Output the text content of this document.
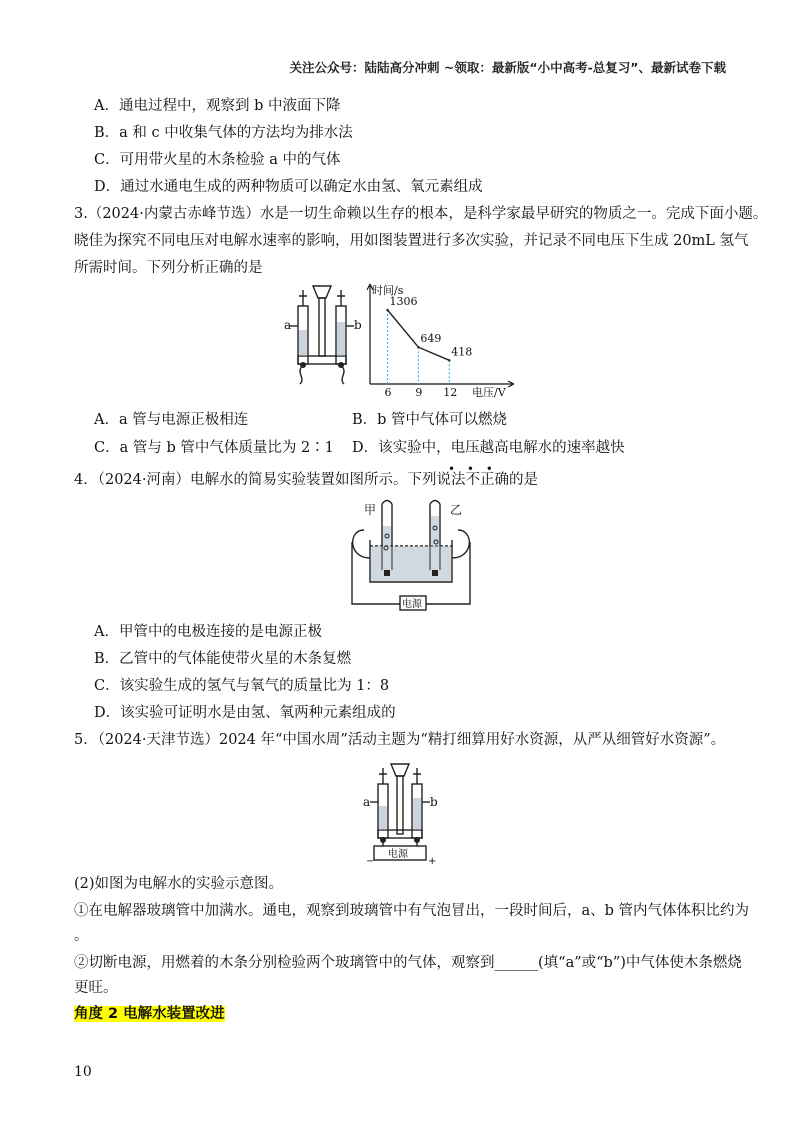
关注公众号：陆陆高分冲刺 ~领取：最新版“小中高考-总复习”、最新试卷下载
A．通电过程中，观察到 b 中液面下降
B．a 和 c 中收集气体的方法均为排水法
C．可用带火星的木条检验 a 中的气体
D．通过水通电生成的两种物质可以确定水由氢、氧元素组成
3.（2024·内蒙古赤峰节选）水是一切生命赖以生存的根本，是科学家最早研究的物质之一。完成下面小题。
晓佳为探究不同电压对电解水速率的影响，用如图装置进行多次实验，并记录不同电压下生成 20mL 氢气
所需时间。下列分析正确的是
a	b
时间/s
电压/V
1306
6
649
9
418
12
A．a 管与电源正极相连	B．b 管中气体可以燃烧
C．a 管与 b 管中气体质量比为 2∶1 D．该实验中，电压越高电解水的速率越快
• • •
4．（2024·河南）电解水的简易实验装置如图所示。下列说法不正确的是
甲	乙
电源
A．甲管中的电极连接的是电源正极
B．乙管中的气体能使带火星的木条复燃
C．该实验生成的氢气与氧气的质量比为 1：8
D．该实验可证明水是由氢、氧两种元素组成的
5．（2024·天津节选）2024 年“中国水周”活动主题为“精打细算用好水资源，从严从细管好水资源”。
a	b
电源
−	+
(2)如图为电解水的实验示意图。
①在电解器玻璃管中加满水。通电，观察到玻璃管中有气泡冒出，一段时间后，a、b 管内气体体积比约为
。
②切断电源，用燃着的木条分别检验两个玻璃管中的气体，观察到______(填“a”或“b”)中气体使木条燃烧
更旺。
角度 2 电解水装置改进
10
